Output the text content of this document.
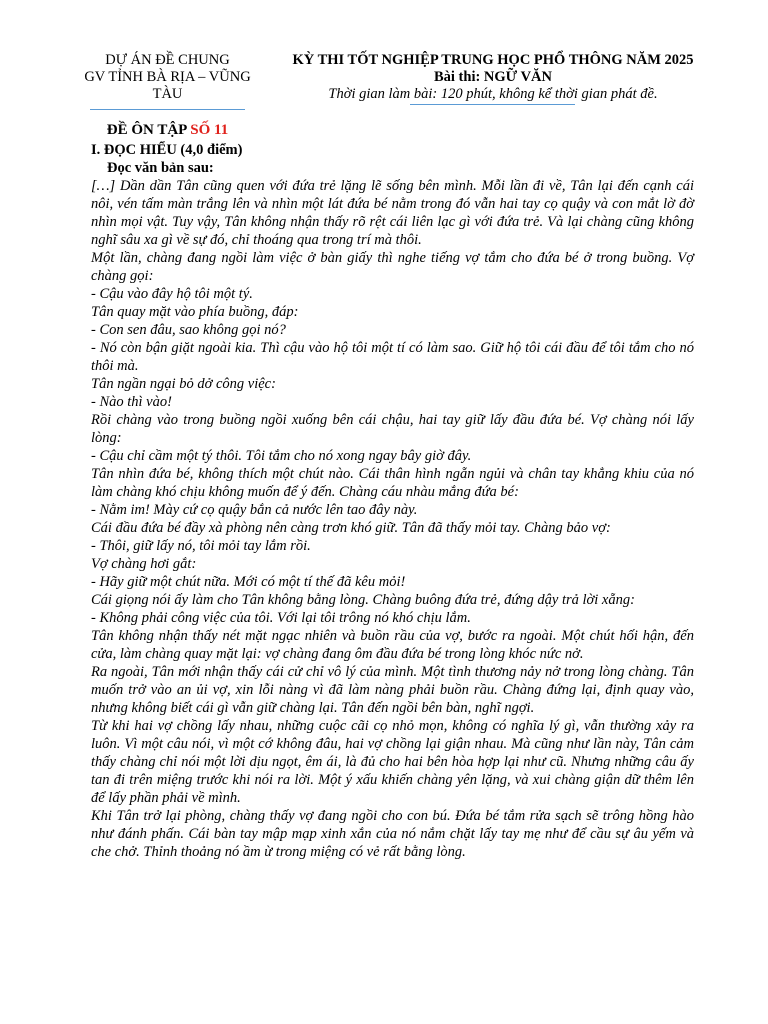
DỰ ÁN ĐỀ CHUNG
GV TỈNH BÀ RỊA – VŨNG TÀU
ĐỀ ÔN TẬP SỐ 11
KỲ THI TỐT NGHIỆP TRUNG HỌC PHỔ THÔNG NĂM 2025
Bài thi: NGỮ VĂN
Thời gian làm bài: 120 phút, không kể thời gian phát đề.
I. ĐỌC HIỂU (4,0 điểm)
Đọc văn bản sau:

[…] Dần dần Tân cũng quen với đứa trẻ lặng lẽ sống bên mình. Mỗi lần đi về, Tân lại đến cạnh cái nôi, vén tấm màn trắng lên và nhìn một lát đứa bé nằm trong đó vẫn hai tay cọ quậy và con mắt lờ đờ nhìn mọi vật. Tuy vậy, Tân không nhận thấy rõ rệt cái liên lạc gì với đứa trẻ. Và lại chàng cũng không nghĩ sâu xa gì về sự đó, chỉ thoáng qua trong trí mà thôi.

Một lần, chàng đang ngồi làm việc ở bàn giấy thì nghe tiếng vợ tắm cho đứa bé ở trong buồng. Vợ chàng gọi:

- Cậu vào đây hộ tôi một tý.

Tân quay mặt vào phía buồng, đáp:

- Con sen đâu, sao không gọi nó?

- Nó còn bận giặt ngoài kia. Thì cậu vào hộ tôi một tí có làm sao. Giữ hộ tôi cái đầu để tôi tắm cho nó thôi mà.

Tân ngần ngại bỏ dở công việc:

- Nào thì vào!

Rồi chàng vào trong buồng ngồi xuống bên cái chậu, hai tay giữ lấy đầu đứa bé. Vợ chàng nói lấy lòng:

- Cậu chỉ cầm một tý thôi. Tôi tắm cho nó xong ngay bây giờ đây.

Tân nhìn đứa bé, không thích một chút nào. Cái thân hình ngẵn ngủi và chân tay khẳng khiu của nó làm chàng khó chịu không muốn để ý đến. Chàng cáu nhàu mắng đứa bé:

- Nằm im! Mày cứ cọ quậy bắn cả nước lên tao đây này.

Cái đầu đứa bé đầy xà phòng nên càng trơn khó giữ. Tân đã thấy mỏi tay. Chàng bảo vợ:

- Thôi, giữ lấy nó, tôi mỏi tay lắm rồi.

Vợ chàng hơi gắt:

- Hãy giữ một chút nữa. Mới có một tí thế đã kêu mỏi!

Cái giọng nói ấy làm cho Tân không bằng lòng. Chàng buông đứa trẻ, đứng dậy trả lời xẵng:

- Không phải công việc của tôi. Với lại tôi trông nó khó chịu lắm.

Tân không nhận thấy nét mặt ngạc nhiên và buồn rầu của vợ, bước ra ngoài. Một chút hối hận, đến cửa, làm chàng quay mặt lại: vợ chàng đang ôm đầu đứa bé trong lòng khóc nức nở.

Ra ngoài, Tân mới nhận thấy cái cử chỉ vô lý của mình. Một tình thương nảy nở trong lòng chàng. Tân muốn trở vào an ủi vợ, xin lỗi nàng vì đã làm nàng phải buồn rầu. Chàng đứng lại, định quay vào, nhưng không biết cái gì vẫn giữ chàng lại. Tân đến ngồi bên bàn, nghĩ ngợi.

Từ khi hai vợ chồng lấy nhau, những cuộc cãi cọ nhỏ mọn, không có nghĩa lý gì, vẫn thường xảy ra luôn. Vì một câu nói, vì một cớ không đâu, hai vợ chồng lại giận nhau. Mà cũng như lần này, Tân cảm thấy chàng chỉ nói một lời dịu ngọt, êm ái, là đủ cho hai bên hòa hợp lại như cũ. Nhưng những câu ấy tan đi trên miệng trước khi nói ra lời. Một ý xấu khiến chàng yên lặng, và xui chàng giận dữ thêm lên để lấy phần phải về mình.

Khi Tân trở lại phòng, chàng thấy vợ đang ngồi cho con bú. Đứa bé tắm rửa sạch sẽ trông hồng hào như đánh phấn. Cái bàn tay mập mạp xinh xắn của nó nắm chặt lấy tay mẹ như để cầu sự âu yếm và che chở. Thỉnh thoảng nó ầm ừ trong miệng có vẻ rất bằng lòng.
